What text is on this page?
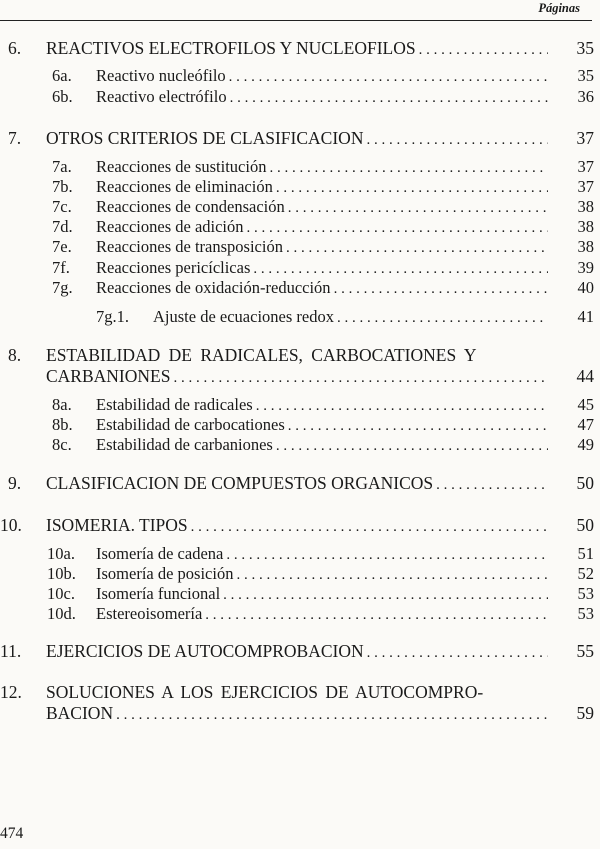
Páginas
6. REACTIVOS ELECTROFILOS Y NUCLEOFILOS . . .	35
6a. Reactivo nucleófilo . . .	35
6b. Reactivo electrófilo . . .	36
7. OTROS CRITERIOS DE CLASIFICACION . . .	37
7a. Reacciones de sustitución . . .	37
7b. Reacciones de eliminación . . .	37
7c. Reacciones de condensación . . .	38
7d. Reacciones de adición . . .	38
7e. Reacciones de transposición . . .	38
7f. Reacciones pericíclicas . . .	39
7g. Reacciones de oxidación-reducción . . .	40
7g.1. Ajuste de ecuaciones redox . . .	41
8. ESTABILIDAD DE RADICALES, CARBOCATIONES Y
CARBANIONES . . .	44
8a. Estabilidad de radicales . . .	45
8b. Estabilidad de carbocationes . . .	47
8c. Estabilidad de carbaniones . . .	49
9. CLASIFICACION DE COMPUESTOS ORGANICOS . . .	50
10. ISOMERIA. TIPOS . . .	50
10a. Isomería de cadena . . .	51
10b. Isomería de posición . . .	52
10c. Isomería funcional . . .	53
10d. Estereoisomería . . .	53
11. EJERCICIOS DE AUTOCOMPROBACION . . .	55
12. SOLUCIONES A LOS EJERCICIOS DE AUTOCOMPRO-
BACION . . .	59
474
